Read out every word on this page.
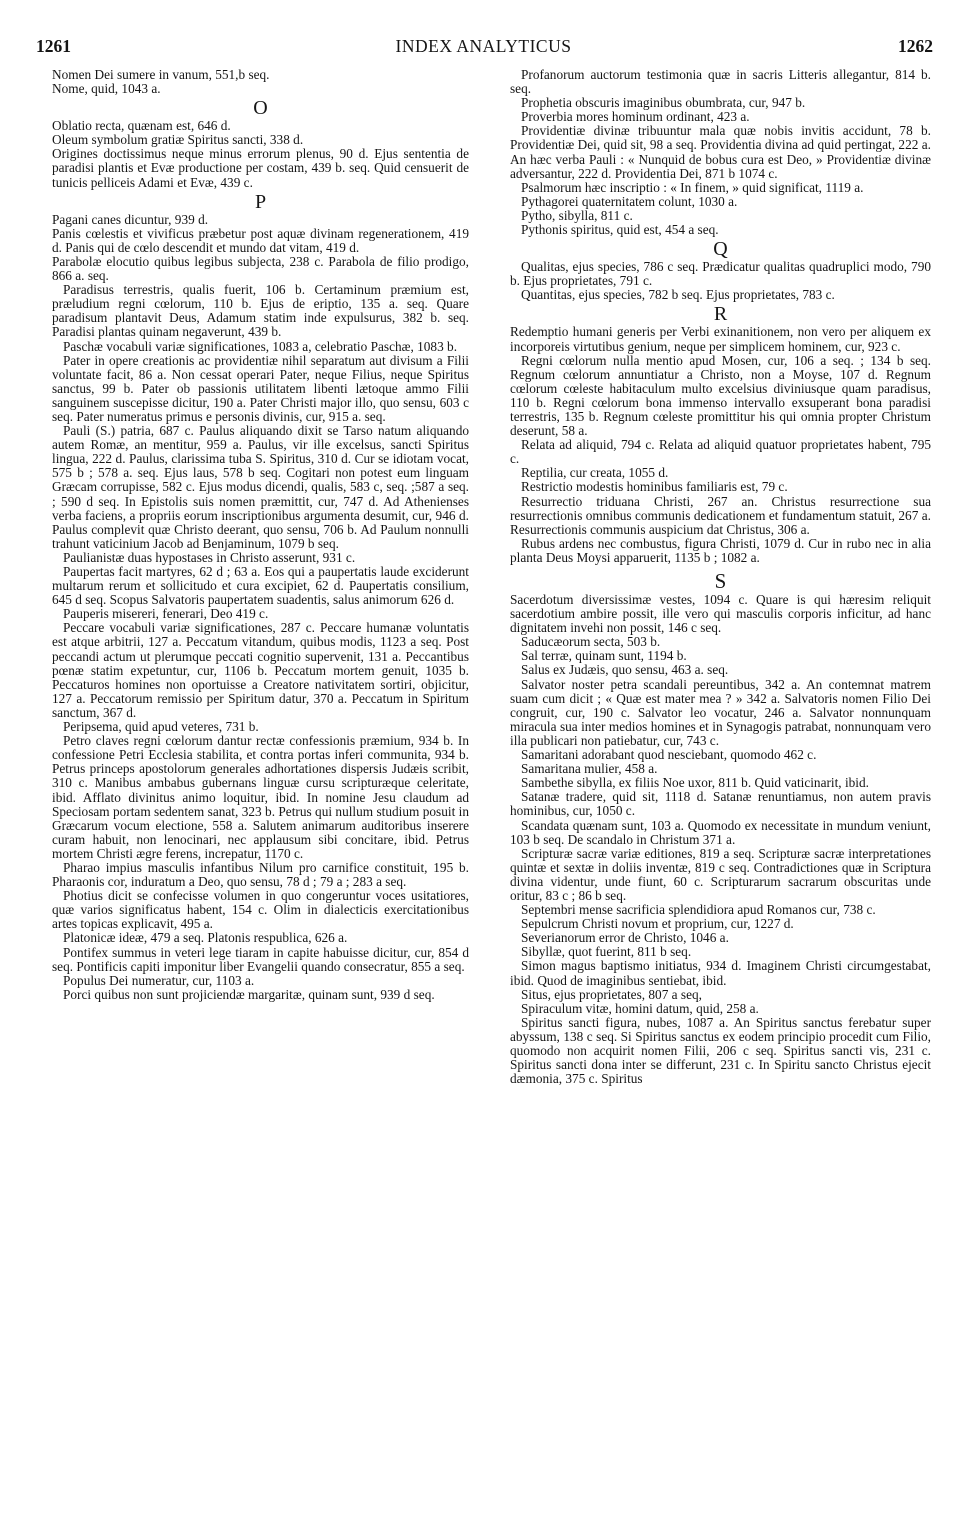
1261	INDEX ANALYTICUS	1262

Nomen Dei sumere in vanum, 551,b seq.

Nome, quid, 1043 a.

O

Oblatio recta, quænam est, 646 d.

Oleum symbolum gratiæ Spiritus sancti, 338 d.

Origines doctissimus neque minus errorum plenus, 90 d. Ejus sententia de paradisi plantis et Evæ productione per costam, 439 b. seq. Quid censuerit de tunicis pelliceis Adami et Evæ, 439 c.

P

Pagani canes dicuntur, 939 d.

Panis cœlestis et vivificus præbetur post aquæ divinam regenerationem, 419 d. Panis qui de cœlo descendit et mundo dat vitam, 419 d.

Parabolæ elocutio quibus legibus subjecta, 238 c. Parabola de filio prodigo, 866 a. seq.

Paradisus terrestris, qualis fuerit, 106 b. Certaminum præmium est, præludium regni cœlorum, 110 b. Ejus de eriptio, 135 a. seq. Quare paradisum plantavit Deus, Adamum statim inde expulsurus, 382 b. seq. Paradisi plantas quinam negaverunt, 439 b.

Paschæ vocabuli variæ significationes, 1083 a, celebratio Paschæ, 1083 b.

Pater in opere creationis ac providentiæ nihil separatum aut divisum a Filii voluntate facit, 86 a. Non cessat operari Pater, neque Filius, neque Spiritus sanctus, 99 b. Pater ob passionis utilitatem libenti lætoque ammo Filii sanguinem suscepisse dicitur, 190 a. Pater Christi major illo, quo sensu, 603 c seq. Pater numeratus primus e personis divinis, cur, 915 a. seq.

Pauli (S.) patria, 687 c. Paulus aliquando dixit se Tarso natum aliquando autem Romæ, an mentitur, 959 a. Paulus, vir ille excelsus, sancti Spiritus lingua, 222 d. Paulus, clarissima tuba S. Spiritus, 310 d. Cur se idiotam vocat, 575 b ; 578 a. seq. Ejus laus, 578 b seq. Cogitari non potest eum linguam Græcam corrupisse, 582 c. Ejus modus dicendi, qualis, 583 c, seq. ;587 a seq. ; 590 d seq. In Epistolis suis nomen præmittit, cur, 747 d. Ad Athenienses verba faciens, a propriis eorum inscriptionibus argumenta desumit, cur, 946 d. Paulus complevit quæ Christo deerant, quo sensu, 706 b. Ad Paulum nonnulli trahunt vaticinium Jacob ad Benjaminum, 1079 b seq.

Paulianistæ duas hypostases in Christo asserunt, 931 c.

Paupertas facit martyres, 62 d ; 63 a. Eos qui a paupertatis laude exciderunt multarum rerum et sollicitudo et cura excipiet, 62 d. Paupertatis consilium, 645 d seq. Scopus Salvatoris paupertatem suadentis, salus animorum 626 d.

Pauperis misereri, fenerari, Deo 419 c.

Peccare vocabuli variæ significationes, 287 c. Peccare humanæ voluntatis est atque arbitrii, 127 a. Peccatum vitandum, quibus modis, 1123 a seq. Post peccandi actum ut plerumque peccati cognitio supervenit, 131 a. Peccantibus pœnæ statim expetuntur, cur, 1106 b. Peccatum mortem genuit, 1035 b. Peccaturos homines non oportuisse a Creatore nativitatem sortiri, objicitur, 127 a. Peccatorum remissio per Spiritum datur, 370 a. Peccatum in Spiritum sanctum, 367 d.

Peripsema, quid apud veteres, 731 b.

Petro claves regni cœlorum dantur rectæ confessionis præmium, 934 b. In confessione Petri Ecclesia stabilita, et contra portas inferi communita, 934 b. Petrus princeps apostolorum generales adhortationes dispersis Judæis scribit, 310 c. Manibus ambabus gubernans linguæ cursu scripturæque celeritate, ibid. Afflato divinitus animo loquitur, ibid. In nomine Jesu claudum ad Speciosam portam sedentem sanat, 323 b. Petrus qui nullum studium posuit in Græcarum vocum electione, 558 a. Salutem animarum auditoribus inserere curam habuit, non lenocinari, nec applausum sibi concitare, ibid. Petrus mortem Christi ægre ferens, increpatur, 1170 c.

Pharao impius masculis infantibus Nilum pro carnifice constituit, 195 b. Pharaonis cor, induratum a Deo, quo sensu, 78 d ; 79 a ; 283 a seq.

Photius dicit se confecisse volumen in quo congeruntur voces usitatiores, quæ varios significatus habent, 154 c. Olim in dialecticis exercitationibus artes topicas explicavit, 495 a.

Platonicæ ideæ, 479 a seq. Platonis respublica, 626 a.

Pontifex summus in veteri lege tiaram in capite habuisse dicitur, cur, 854 d seq. Pontificis capiti imponitur liber Evangelii quando consecratur, 855 a seq.

Populus Dei numeratur, cur, 1103 a.

Porci quibus non sunt projiciendæ margaritæ, quinam sunt, 939 d seq.

Profanorum auctorum testimonia quæ in sacris Litteris allegantur, 814 b. seq.

Prophetia obscuris imaginibus obumbrata, cur, 947 b.

Proverbia mores hominum ordinant, 423 a.

Providentiæ divinæ tribuuntur mala quæ nobis invitis accidunt, 78 b. Providentiæ Dei, quid sit, 98 a seq. Providentia divina ad quid pertingat, 222 a. An hæc verba Pauli : « Nunquid de bobus cura est Deo, » Providentiæ divinæ adversantur, 222 d. Providentia Dei, 871 b 1074 c.

Psalmorum hæc inscriptio : « In finem, » quid significat, 1119 a.

Pythagorei quaternitatem colunt, 1030 a.

Pytho, sibylla, 811 c.

Pythonis spiritus, quid est, 454 a seq.

Q

Qualitas, ejus species, 786 c seq. Prædicatur qualitas quadruplici modo, 790 b. Ejus proprietates, 791 c.

Quantitas, ejus species, 782 b seq. Ejus proprietates, 783 c.

R

Redemptio humani generis per Verbi exinanitionem, non vero per aliquem ex incorporeis virtutibus genium, neque per simplicem hominem, cur, 923 c.

Regni cœlorum nulla mentio apud Mosen, cur, 106 a seq. ; 134 b seq. Regnum cœlorum annuntiatur a Christo, non a Moyse, 107 d. Regnum cœlorum cœleste habitaculum multo excelsius diviniusque quam paradisus, 110 b. Regni cœlorum bona immenso intervallo exsuperant bona paradisi terrestris, 135 b. Regnum cœleste promittitur his qui omnia propter Christum deserunt, 58 a.

Relata ad aliquid, 794 c. Relata ad aliquid quatuor proprietates habent, 795 c.

Reptilia, cur creata, 1055 d.

Restrictio modestis hominibus familiaris est, 79 c.

Resurrectio triduana Christi, 267 an. Christus resurrectione sua resurrectionis omnibus communis dedicationem et fundamentum statuit, 267 a. Resurrectionis communis auspicium dat Christus, 306 a.

Rubus ardens nec combustus, figura Christi, 1079 d. Cur in rubo nec in alia planta Deus Moysi apparuerit, 1135 b ; 1082 a.

S

Sacerdotum diversissimæ vestes, 1094 c. Quare is qui hæresim reliquit sacerdotium ambire possit, ille vero qui masculis corporis inficitur, ad hanc dignitatem invehi non possit, 146 c seq.

Saducæorum secta, 503 b.

Sal terræ, quinam sunt, 1194 b.

Salus ex Judæis, quo sensu, 463 a. seq.

Salvator noster petra scandali pereuntibus, 342 a. An contemnat matrem suam cum dicit ; « Quæ est mater mea ? » 342 a. Salvatoris nomen Filio Dei congruit, cur, 190 c. Salvator leo vocatur, 246 a. Salvator nonnunquam miracula sua inter medios homines et in Synagogis patrabat, nonnunquam vero illa publicari non patiebatur, cur, 743 c.

Samaritani adorabant quod nesciebant, quomodo 462 c.

Samaritana mulier, 458 a.

Sambethe sibylla, ex filiis Noe uxor, 811 b. Quid vaticinarit, ibid.

Satanæ tradere, quid sit, 1118 d. Satanæ renuntiamus, non autem pravis hominibus, cur, 1050 c.

Scandata quænam sunt, 103 a. Quomodo ex necessitate in mundum veniunt, 103 b seq. De scandalo in Christum 371 a.

Scripturæ sacræ variæ editiones, 819 a seq. Scripturæ sacræ interpretationes quintæ et sextæ in doliis inventæ, 819 c seq. Contradictiones quæ in Scriptura divina videntur, unde fiunt, 60 c. Scripturarum sacrarum obscuritas unde oritur, 83 c ; 86 b seq.

Septembri mense sacrificia splendidiora apud Romanos cur, 738 c.

Sepulcrum Christi novum et proprium, cur, 1227 d.

Severianorum error de Christo, 1046 a.

Sibyllæ, quot fuerint, 811 b seq.

Simon magus baptismo initiatus, 934 d. Imaginem Christi circumgestabat, ibid. Quod de imaginibus sentiebat, ibid.

Situs, ejus proprietates, 807 a seq,

Spiraculum vitæ, homini datum, quid, 258 a.

Spiritus sancti figura, nubes, 1087 a. An Spiritus sanctus ferebatur super abyssum, 138 c seq. Si Spiritus sanctus ex eodem principio procedit cum Filio, quomodo non acquirit nomen Filii, 206 c seq. Spiritus sancti vis, 231 c. Spiritus sancti dona inter se differunt, 231 c. In Spiritu sancto Christus ejecit dæmonia, 375 c. Spiritus
